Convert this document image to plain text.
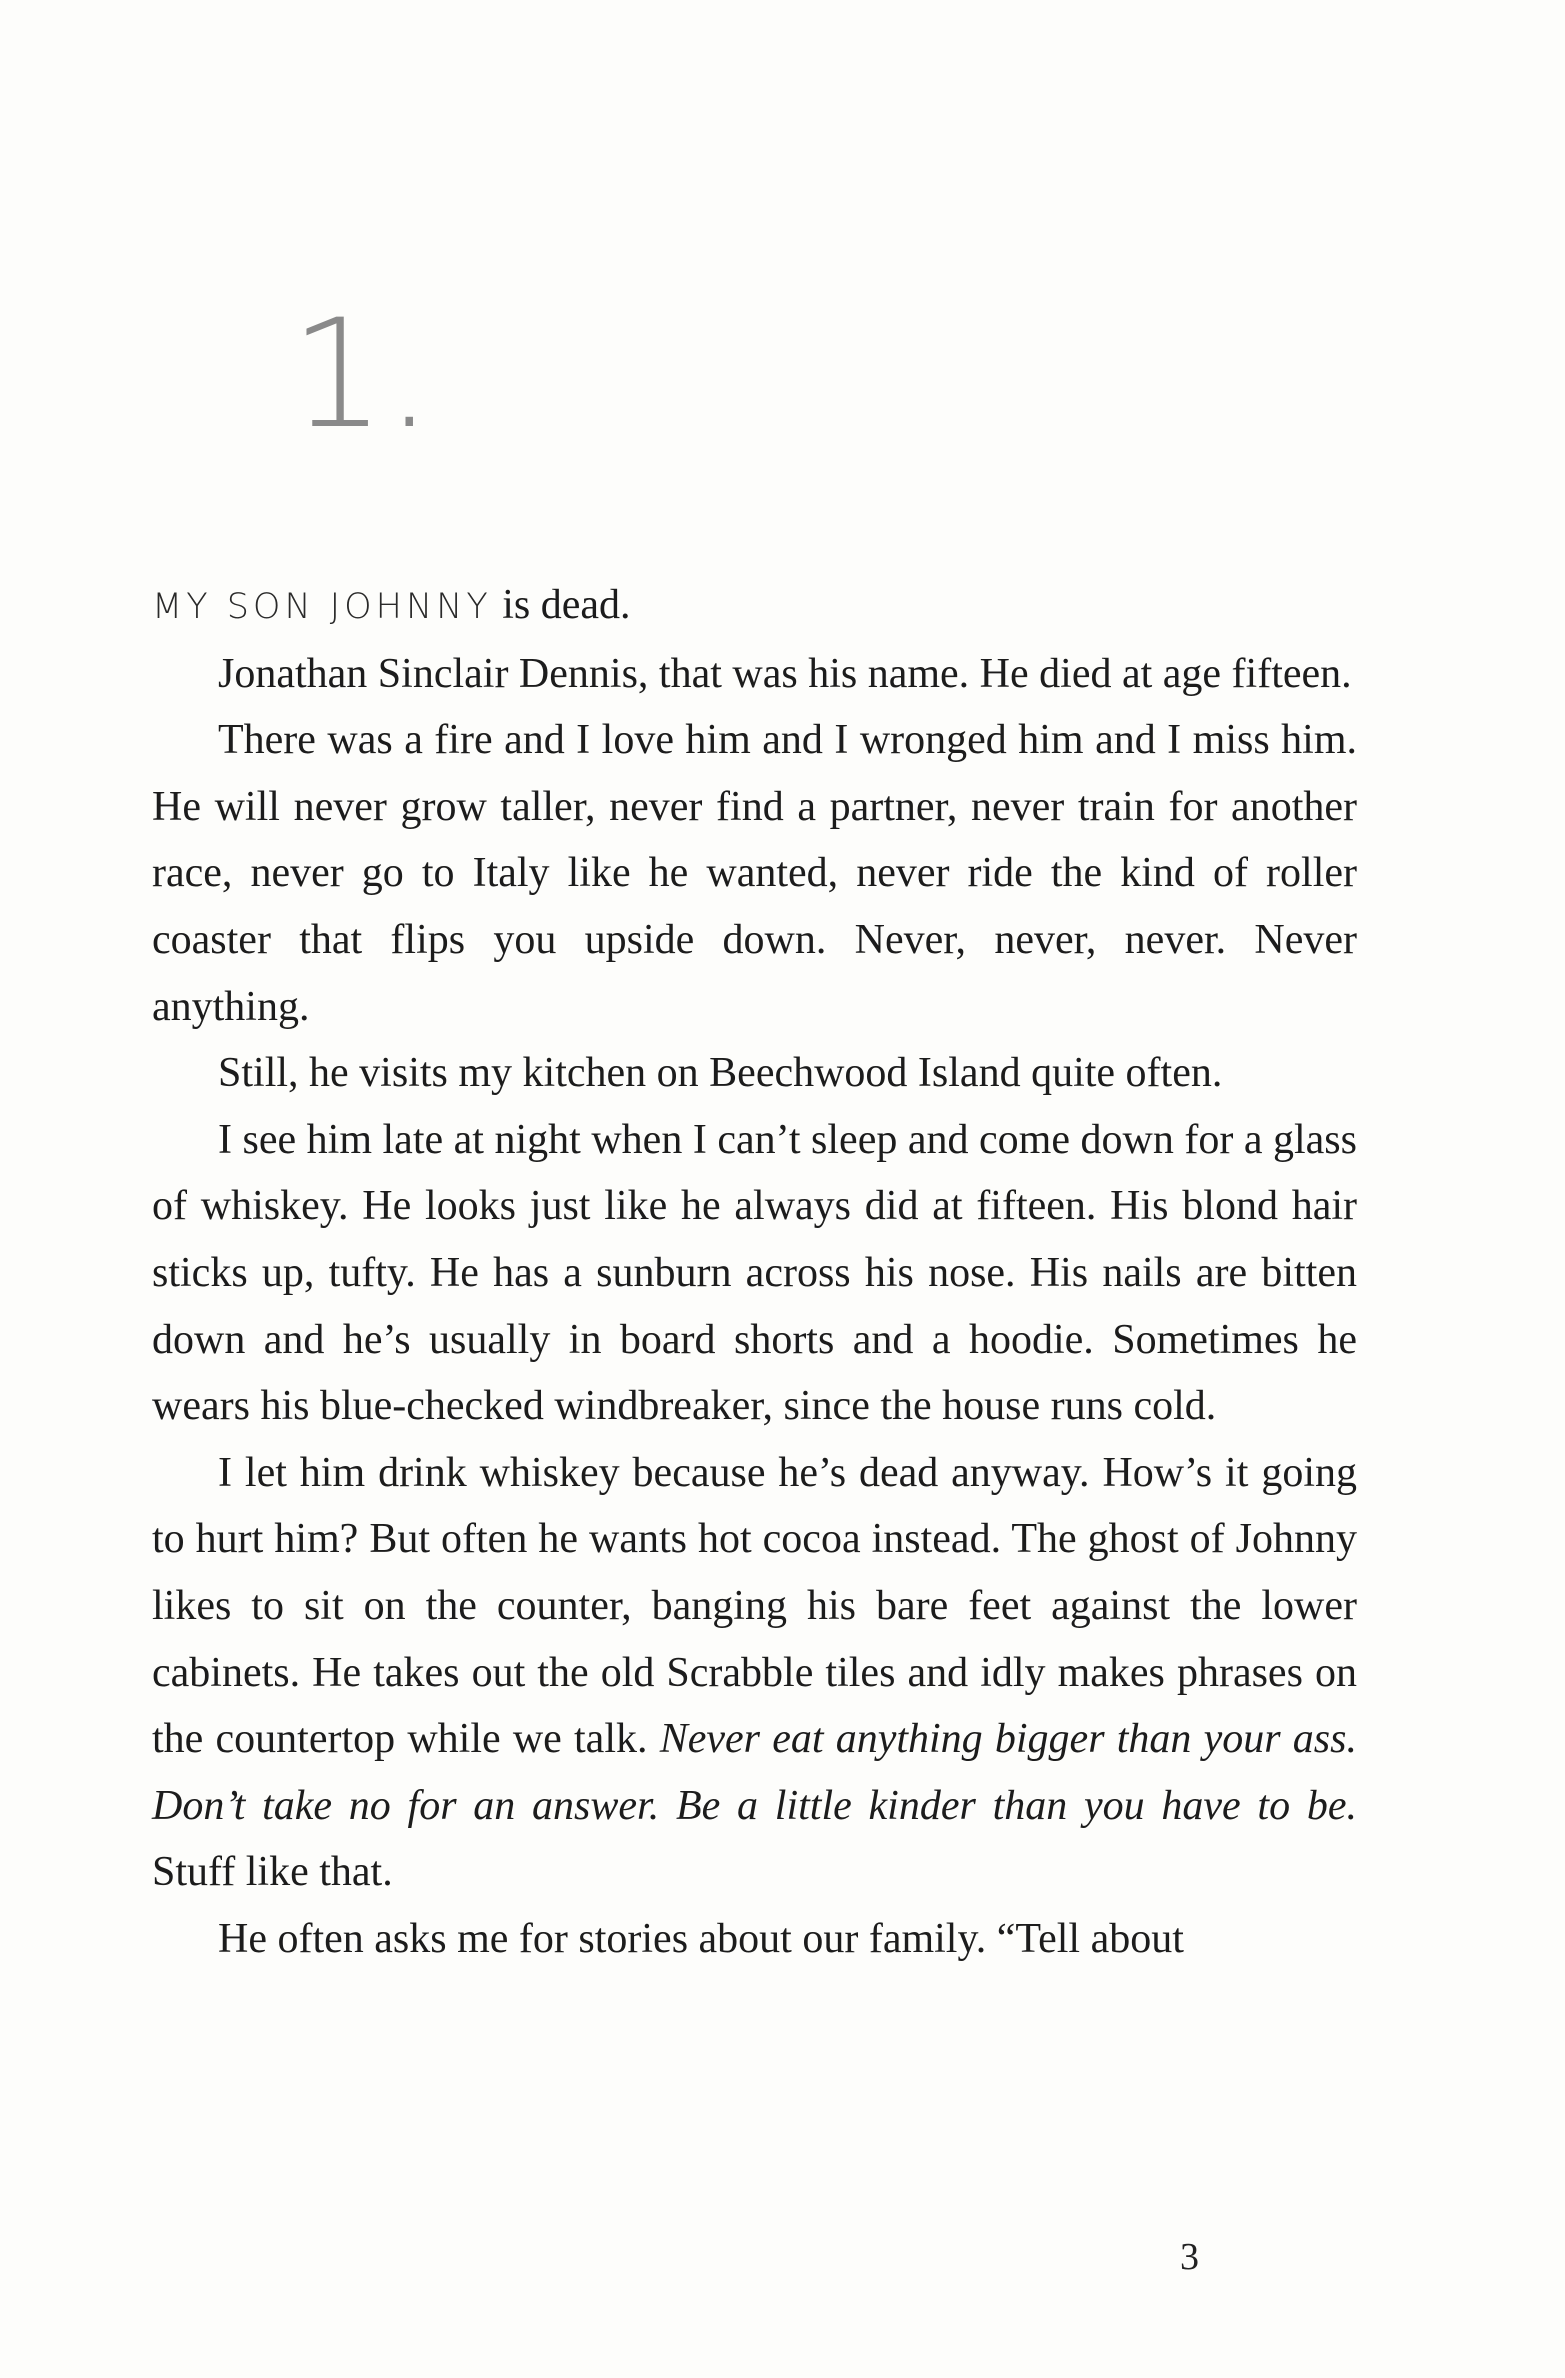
1.

MY SON JOHNNY is dead.

Jonathan Sinclair Dennis, that was his name. He died at age fifteen.

There was a fire and I love him and I wronged him and I miss him. He will never grow taller, never find a partner, never train for another race, never go to Italy like he wanted, never ride the kind of roller coaster that flips you upside down. Never, never, never. Never anything.

Still, he visits my kitchen on Beechwood Island quite often.

I see him late at night when I can’t sleep and come down for a glass of whiskey. He looks just like he always did at fifteen. His blond hair sticks up, tufty. He has a sunburn across his nose. His nails are bitten down and he’s usually in board shorts and a hoodie. Sometimes he wears his blue-checked windbreaker, since the house runs cold.

I let him drink whiskey because he’s dead anyway. How’s it going to hurt him? But often he wants hot cocoa instead. The ghost of Johnny likes to sit on the counter, banging his bare feet against the lower cabinets. He takes out the old Scrabble tiles and idly makes phrases on the countertop while we talk. Never eat anything bigger than your ass. Don’t take no for an answer. Be a little kinder than you have to be. Stuff like that.

He often asks me for stories about our family. “Tell about

3
